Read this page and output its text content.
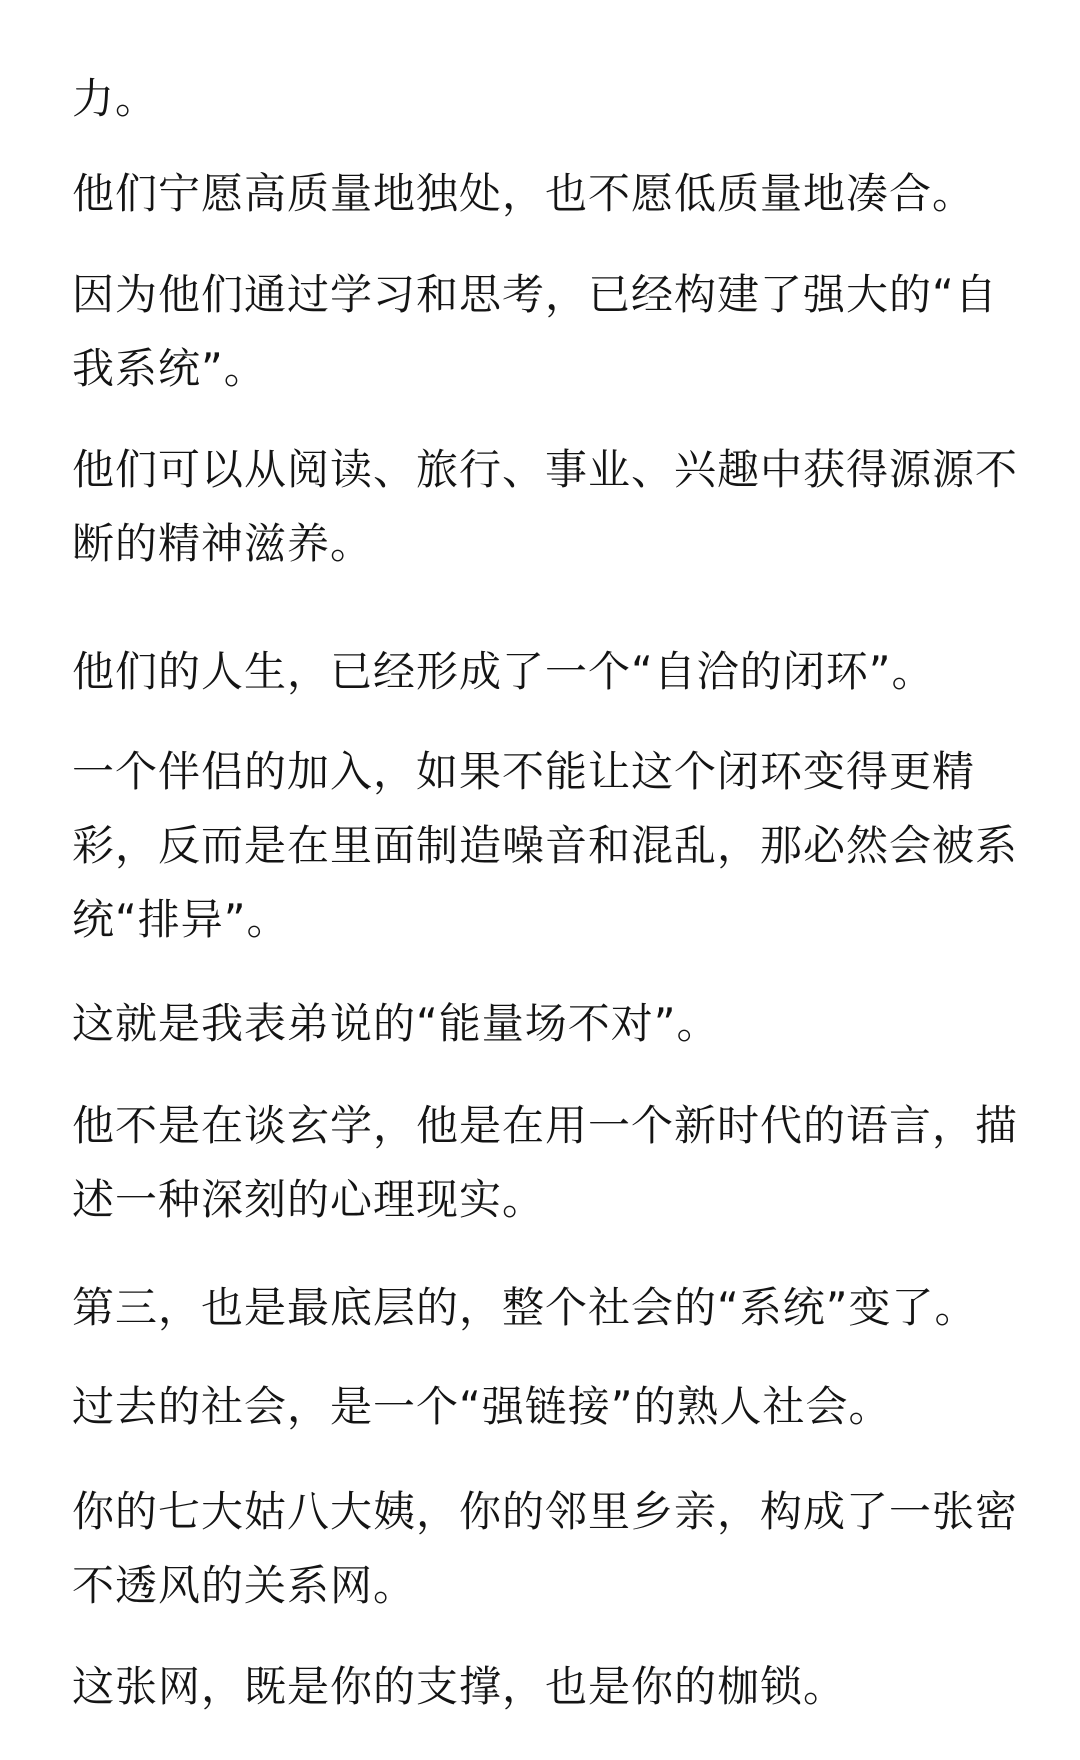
力。

他们宁愿高质量地独处，也不愿低质量地凑合。

因为他们通过学习和思考，已经构建了强大的“自
我系统”。

他们可以从阅读、旅行、事业、兴趣中获得源源不
断的精神滋养。

他们的人生，已经形成了一个“自洽的闭环”。

一个伴侣的加入，如果不能让这个闭环变得更精
彩，反而是在里面制造噪音和混乱，那必然会被系
统“排异”。

这就是我表弟说的“能量场不对”。

他不是在谈玄学，他是在用一个新时代的语言，描
述一种深刻的心理现实。

第三，也是最底层的，整个社会的“系统”变了。

过去的社会，是一个“强链接”的熟人社会。

你的七大姑八大姨，你的邻里乡亲，构成了一张密
不透风的关系网。

这张网，既是你的支撑，也是你的枷锁。
